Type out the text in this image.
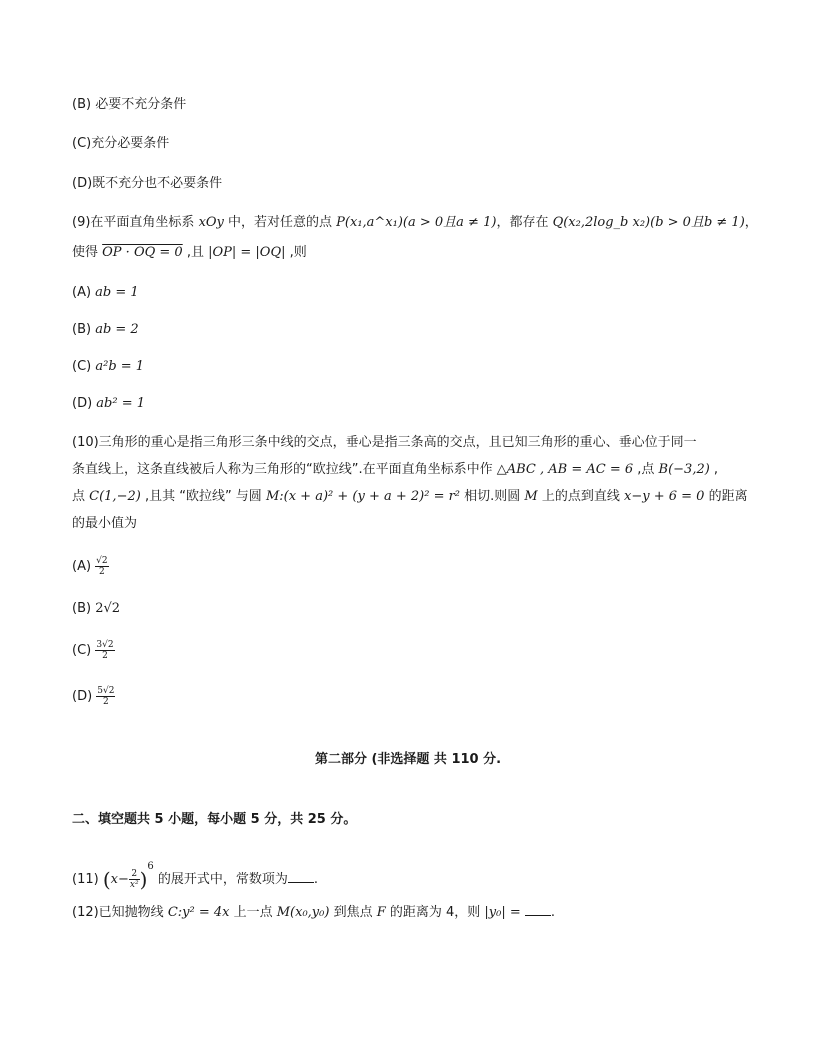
(B) 必要不充分条件
(C)充分必要条件
(D)既不充分也不必要条件
(9)在平面直角坐标系 xOy 中，若对任意的点 P(x₁,a^x₁)(a > 0且a ≠ 1)，都存在 Q(x₂,2log_b x₂)(b > 0且b ≠ 1)，
使得 OP · OQ = 0 ,且 |OP| = |OQ| ,则
(A) ab = 1
(B) ab = 2
(C) a²b = 1
(D) ab² = 1
(10)三角形的重心是指三角形三条中线的交点，垂心是指三条高的交点，且已知三角形的重心、垂心位于同一
条直线上，这条直线被后人称为三角形的“欧拉线”.在平面直角坐标系中作 △ABC , AB = AC = 6 ,点 B(−3,2) ,
点 C(1,−2) ,且其 “欧拉线” 与圆 M:(x + a)² + (y + a + 2)² = r² 相切.则圆 M 上的点到直线 x−y + 6 = 0 的距离
的最小值为
$(A) \frac{√2}{2}$
(B) 2√2
$(C) \frac{3√2}{2}$
$(D) \frac{5√2}{2}$
第二部分 (非选择题 共 110 分.
二、填空题共 5 小题，每小题 5 分，共 25 分。
(11) $(x- \frac{2}{\text{x²}} )^6$ 的展开式中，常数项为 .
(12)已知抛物线 C:y² = 4x 上一点 M(x₀,y₀) 到焦点 F 的距离为 4，则 |y₀| = .
